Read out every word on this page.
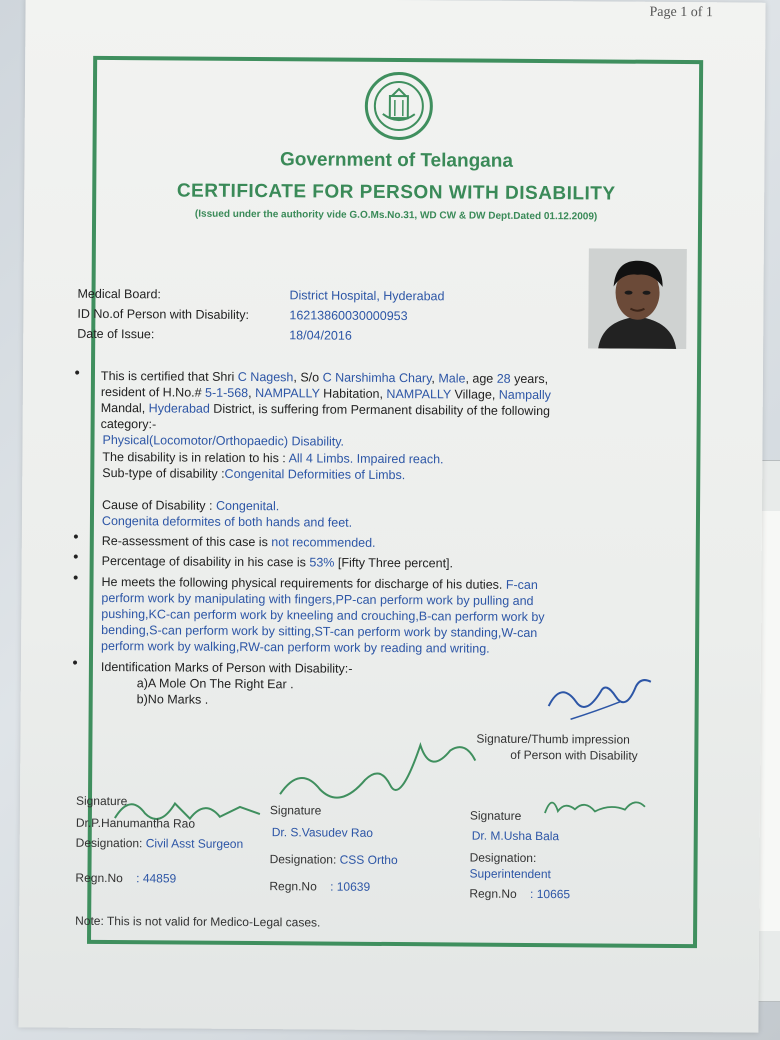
Page 1 of 1
Government of Telangana
CERTIFICATE FOR PERSON WITH DISABILITY
(Issued under the authority vide G.O.Ms.No.31, WD CW & DW Dept.Dated 01.12.2009)
Medical Board:	District Hospital, Hyderabad
ID No.of Person with Disability:	16213860030000953
Date of Issue:	18/04/2016
• This is certified that Shri C Nagesh, S/o C Narshimha Chary, Male, age 28 years,
resident of H.No.# 5-1-568, NAMPALLY Habitation, NAMPALLY Village, Nampally
Mandal, Hyderabad District, is suffering from Permanent disability of the following
category:-
Physical(Locomotor/Orthopaedic) Disability.
The disability is in relation to his : All 4 Limbs. Impaired reach.
Sub-type of disability :Congenital Deformities of Limbs.
Cause of Disability : Congenital.
Congenita deformites of both hands and feet.
• Re-assessment of this case is not recommended.
• Percentage of disability in his case is 53% [Fifty Three percent].
• He meets the following physical requirements for discharge of his duties. F-can
perform work by manipulating with fingers,PP-can perform work by pulling and
pushing,KC-can perform work by kneeling and crouching,B-can perform work by
bending,S-can perform work by sitting,ST-can perform work by standing,W-can
perform work by walking,RW-can perform work by reading and writing.
• Identification Marks of Person with Disability:-
a)A Mole On The Right Ear .
b)No Marks .
Signature/Thumb impression
of Person with Disability
Signature
Dr.P.Hanumantha Rao
Designation: Civil Asst Surgeon
Regn.No : 44859
Signature
Dr. S.Vasudev Rao
Designation: CSS Ortho
Regn.No : 10639
Signature
Dr. M.Usha Bala
Designation:
Superintendent
Regn.No : 10665
Note: This is not valid for Medico-Legal cases.
